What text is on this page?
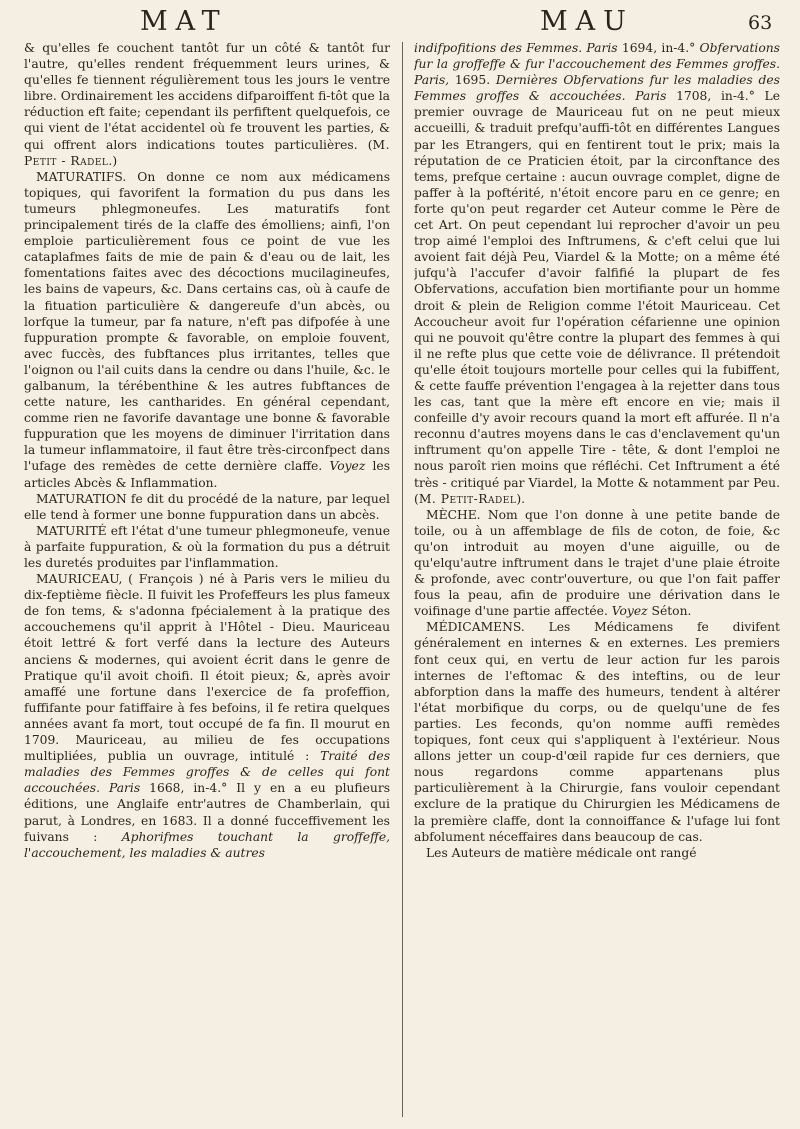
MAT	MAU	63

& qu'elles fe couchent tantôt fur un côté & tantôt fur l'autre, qu'elles rendent fréquemment leurs urines, & qu'elles fe tiennent régulièrement tous les jours le ventre libre. Ordinairement les accidens difparoiffent fi-tôt que la réduction eft faite; cependant ils perfiftent quelquefois, ce qui vient de l'état accidentel où fe trouvent les parties, & qui offrent alors indications toutes particulières. (M. Petit - Radel.)

MATURATIFS. On donne ce nom aux médicamens topiques, qui favorifent la formation du pus dans les tumeurs phlegmoneufes. Les maturatifs font principalement tirés de la claffe des émolliens; ainfi, l'on emploie particulièrement fous ce point de vue les cataplafmes faits de mie de pain & d'eau ou de lait, les fomentations faites avec des décoctions mucilagineufes, les bains de vapeurs, &c. Dans certains cas, où à caufe de la fituation particulière & dangereufe d'un abcès, ou lorfque la tumeur, par fa nature, n'eft pas difpofée à une fuppuration prompte & favorable, on emploie fouvent, avec fuccès, des fubftances plus irritantes, telles que l'oignon ou l'ail cuits dans la cendre ou dans l'huile, &c. le galbanum, la térébenthine & les autres fubftances de cette nature, les cantharides. En général cependant, comme rien ne favorife davantage une bonne & favorable fuppuration que les moyens de diminuer l'irritation dans la tumeur inflammatoire, il faut être très-circonfpect dans l'ufage des remèdes de cette dernière claffe. Voyez les articles Abcès & Inflammation.

MATURATION fe dit du procédé de la nature, par lequel elle tend à former une bonne fuppuration dans un abcès.

MATURITÉ eft l'état d'une tumeur phlegmoneufe, venue à parfaite fuppuration, & où la formation du pus a détruit les duretés produites par l'inflammation.

MAURICEAU, ( François ) né à Paris vers le milieu du dix-feptième fiècle. Il fuivit les Profeffeurs les plus fameux de fon tems, & s'adonna fpécialement à la pratique des accouchemens qu'il apprit à l'Hôtel - Dieu. Mauriceau étoit lettré & fort verfé dans la lecture des Auteurs anciens & modernes, qui avoient écrit dans le genre de Pratique qu'il avoit choifi. Il étoit pieux; &, après avoir amaffé une fortune dans l'exercice de fa profeffion, fuffifante pour fatiffaire à fes befoins, il fe retira quelques années avant fa mort, tout occupé de fa fin. Il mourut en 1709. Mauriceau, au milieu de fes occupations multipliées, publia un ouvrage, intitulé : Traité des maladies des Femmes groffes & de celles qui font accouchées. Paris 1668, in-4.° Il y en a eu plufieurs éditions, une Anglaife entr'autres de Chamberlain, qui parut, à Londres, en 1683. Il a donné fucceffivement les fuivans : Aphorifmes touchant la groffeffe, l'accouchement, les maladies & autres

indifpofitions des Femmes. Paris 1694, in-4.° Obfervations fur la groffeffe & fur l'accouchement des Femmes groffes. Paris, 1695. Dernières Obfervations fur les maladies des Femmes groffes & accouchées. Paris 1708, in-4.° Le premier ouvrage de Mauriceau fut on ne peut mieux accueilli, & traduit prefqu'auffi-tôt en différentes Langues par les Etrangers, qui en fentirent tout le prix; mais la réputation de ce Praticien étoit, par la circonftance des tems, prefque certaine : aucun ouvrage complet, digne de paffer à la poftérité, n'étoit encore paru en ce genre; en forte qu'on peut regarder cet Auteur comme le Père de cet Art. On peut cependant lui reprocher d'avoir un peu trop aimé l'emploi des Inftrumens, & c'eft celui que lui avoient fait déjà Peu, Viardel & la Motte; on a même été jufqu'à l'accufer d'avoir falfifié la plupart de fes Obfervations, accufation bien mortifiante pour un homme droit & plein de Religion comme l'étoit Mauriceau. Cet Accoucheur avoit fur l'opération céfarienne une opinion qui ne pouvoit qu'être contre la plupart des femmes à qui il ne refte plus que cette voie de délivrance. Il prétendoit qu'elle étoit toujours mortelle pour celles qui la fubiffent, & cette fauffe prévention l'engagea à la rejetter dans tous les cas, tant que la mère eft encore en vie; mais il confeille d'y avoir recours quand la mort eft affurée. Il n'a reconnu d'autres moyens dans le cas d'enclavement qu'un inftrument qu'on appelle Tire - tête, & dont l'emploi ne nous paroît rien moins que réfléchi. Cet Inftrument a été très - critiqué par Viardel, la Motte & notamment par Peu. (M. Petit-Radel).

MÈCHE. Nom que l'on donne à une petite bande de toile, ou à un affemblage de fils de coton, de foie, &c qu'on introduit au moyen d'une aiguille, ou de qu'elqu'autre inftrument dans le trajet d'une plaie étroite & profonde, avec contr'ouverture, ou que l'on fait paffer fous la peau, afin de produire une dérivation dans le voifinage d'une partie affectée. Voyez Séton.

MÉDICAMENS. Les Médicamens fe divifent généralement en internes & en externes. Les premiers font ceux qui, en vertu de leur action fur les parois internes de l'eftomac & des inteftins, ou de leur abforption dans la maffe des humeurs, tendent à altérer l'état morbifique du corps, ou de quelqu'une de fes parties. Les feconds, qu'on nomme auffi remèdes topiques, font ceux qui s'appliquent à l'extérieur. Nous allons jetter un coup-d'œil rapide fur ces derniers, que nous regardons comme appartenans plus particulièrement à la Chirurgie, fans vouloir cependant exclure de la pratique du Chirurgien les Médicamens de la première claffe, dont la connoiffance & l'ufage lui font abfolument néceffaires dans beaucoup de cas.

Les Auteurs de matière médicale ont rangé
